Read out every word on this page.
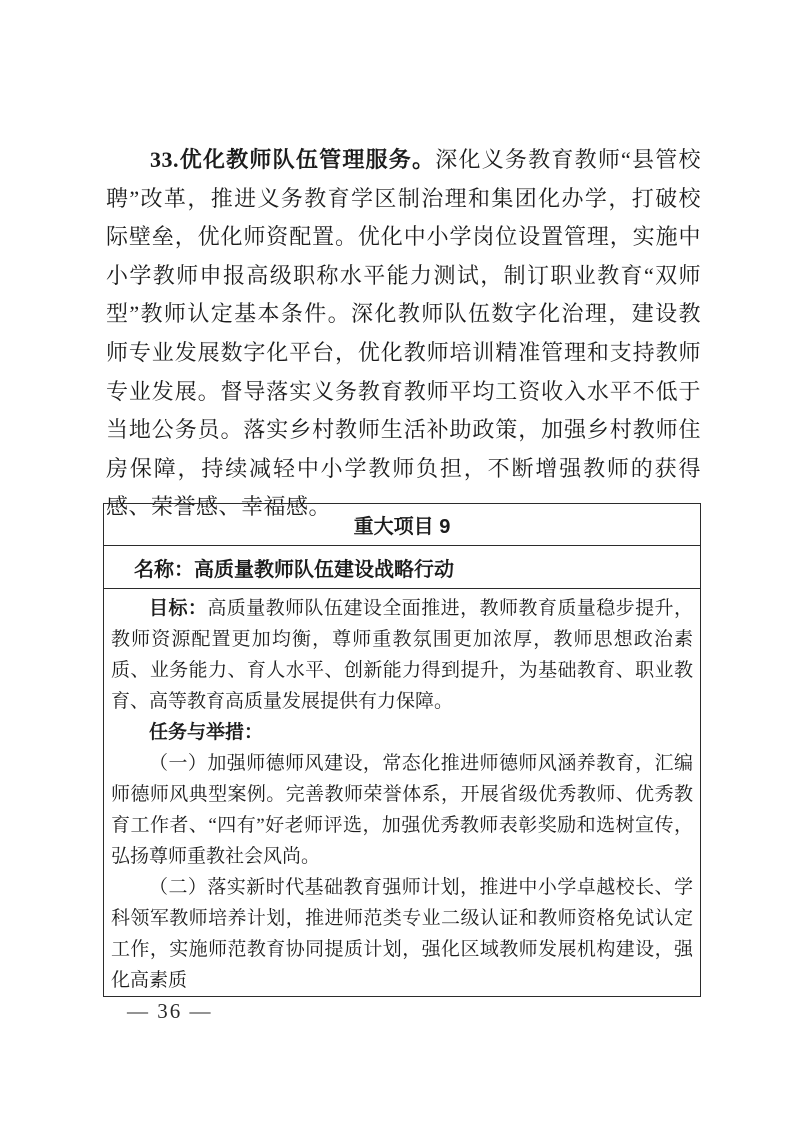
33.优化教师队伍管理服务。深化义务教育教师“县管校聘”改革，推进义务教育学区制治理和集团化办学，打破校际壁垒，优化师资配置。优化中小学岗位设置管理，实施中小学教师申报高级职称水平能力测试，制订职业教育“双师型”教师认定基本条件。深化教师队伍数字化治理，建设教师专业发展数字化平台，优化教师培训精准管理和支持教师专业发展。督导落实义务教育教师平均工资收入水平不低于当地公务员。落实乡村教师生活补助政策，加强乡村教师住房保障，持续减轻中小学教师负担，不断增强教师的获得感、荣誉感、幸福感。
重大项目 9
名称：高质量教师队伍建设战略行动

目标：高质量教师队伍建设全面推进，教师教育质量稳步提升，教师资源配置更加均衡，尊师重教氛围更加浓厚，教师思想政治素质、业务能力、育人水平、创新能力得到提升，为基础教育、职业教育、高等教育高质量发展提供有力保障。

任务与举措：

（一）加强师德师风建设，常态化推进师德师风涵养教育，汇编师德师风典型案例。完善教师荣誉体系，开展省级优秀教师、优秀教育工作者、“四有”好老师评选，加强优秀教师表彰奖励和选树宣传，弘扬尊师重教社会风尚。

（二）落实新时代基础教育强师计划，推进中小学卓越校长、学科领军教师培养计划，推进师范类专业二级认证和教师资格免试认定工作，实施师范教育协同提质计划，强化区域教师发展机构建设，强化高素质

— 36 —
